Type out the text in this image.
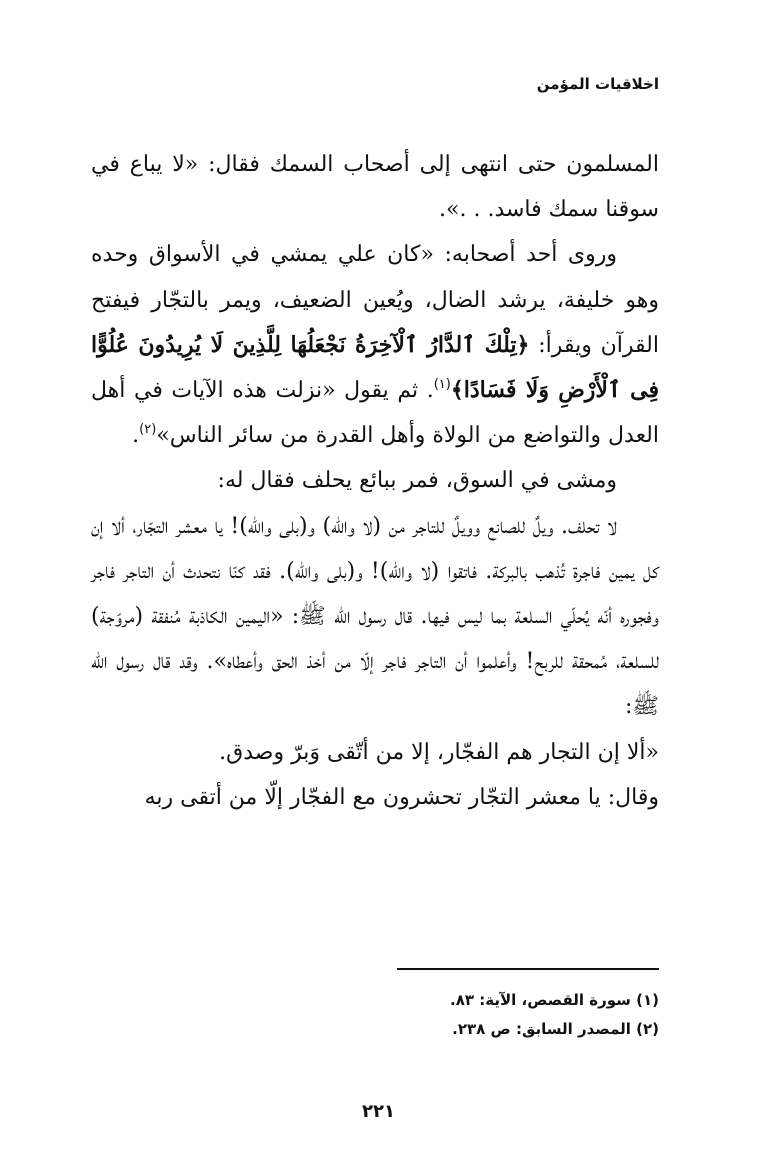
اخلاقيات المؤمن

المسلمون حتى انتهى إلى أصحاب السمك فقال: «لا يباع في سوقنا سمك فاسد. . .».

وروى أحد أصحابه: «كان علي يمشي في الأسواق وحده وهو خليفة، يرشد الضال، ويُعين الضعيف، ويمر بالتجّار فيفتح القرآن ويقرأ: ﴿تِلْكَ ٱلدَّارُ ٱلْآخِرَةُ نَجْعَلُهَا لِلَّذِينَ لَا يُرِيدُونَ عُلُوًّا فِى ٱلْأَرْضِ وَلَا فَسَادًا﴾$^{(١)}$. ثم يقول «نزلت هذه الآيات في أهل العدل والتواضع من الولاة وأهل القدرة من سائر الناس»$^{(٢)}$.

ومشى في السوق، فمر ببائع يحلف فقال له:

لا تحلف. ويلٌ للصانع وويلٌ للتاجر من (لا والله) و(بلى والله)! يا معشر التجّار، ألا إن كل يمين فاجرة تُذهب بالبركة. فاتقوا (لا والله)! و(بلى والله). فقد كنّا نتحدث أن التاجر فاجر وفجوره أنّه يُحلّي السلعة بما ليس فيها. قال رسول الله ﷺ: «اليمين الكاذبة مُنفقة (مروّجة) للسلعة، مُمحقة للربح! وأعلموا أن التاجر فاجر إلّا من أخذ الحق وأعطاه». وقد قال رسول الله ﷺ:

«ألا إن التجار هم الفجّار، إلا من أتّقى وَبرّ وصدق.

وقال: يا معشر التجّار تحشرون مع الفجّار إلّا من أتقى ربه

(١) سورة القصص، الآية: ٨٣.
(٢) المصدر السابق: ص ٢٣٨.
٢٢١
